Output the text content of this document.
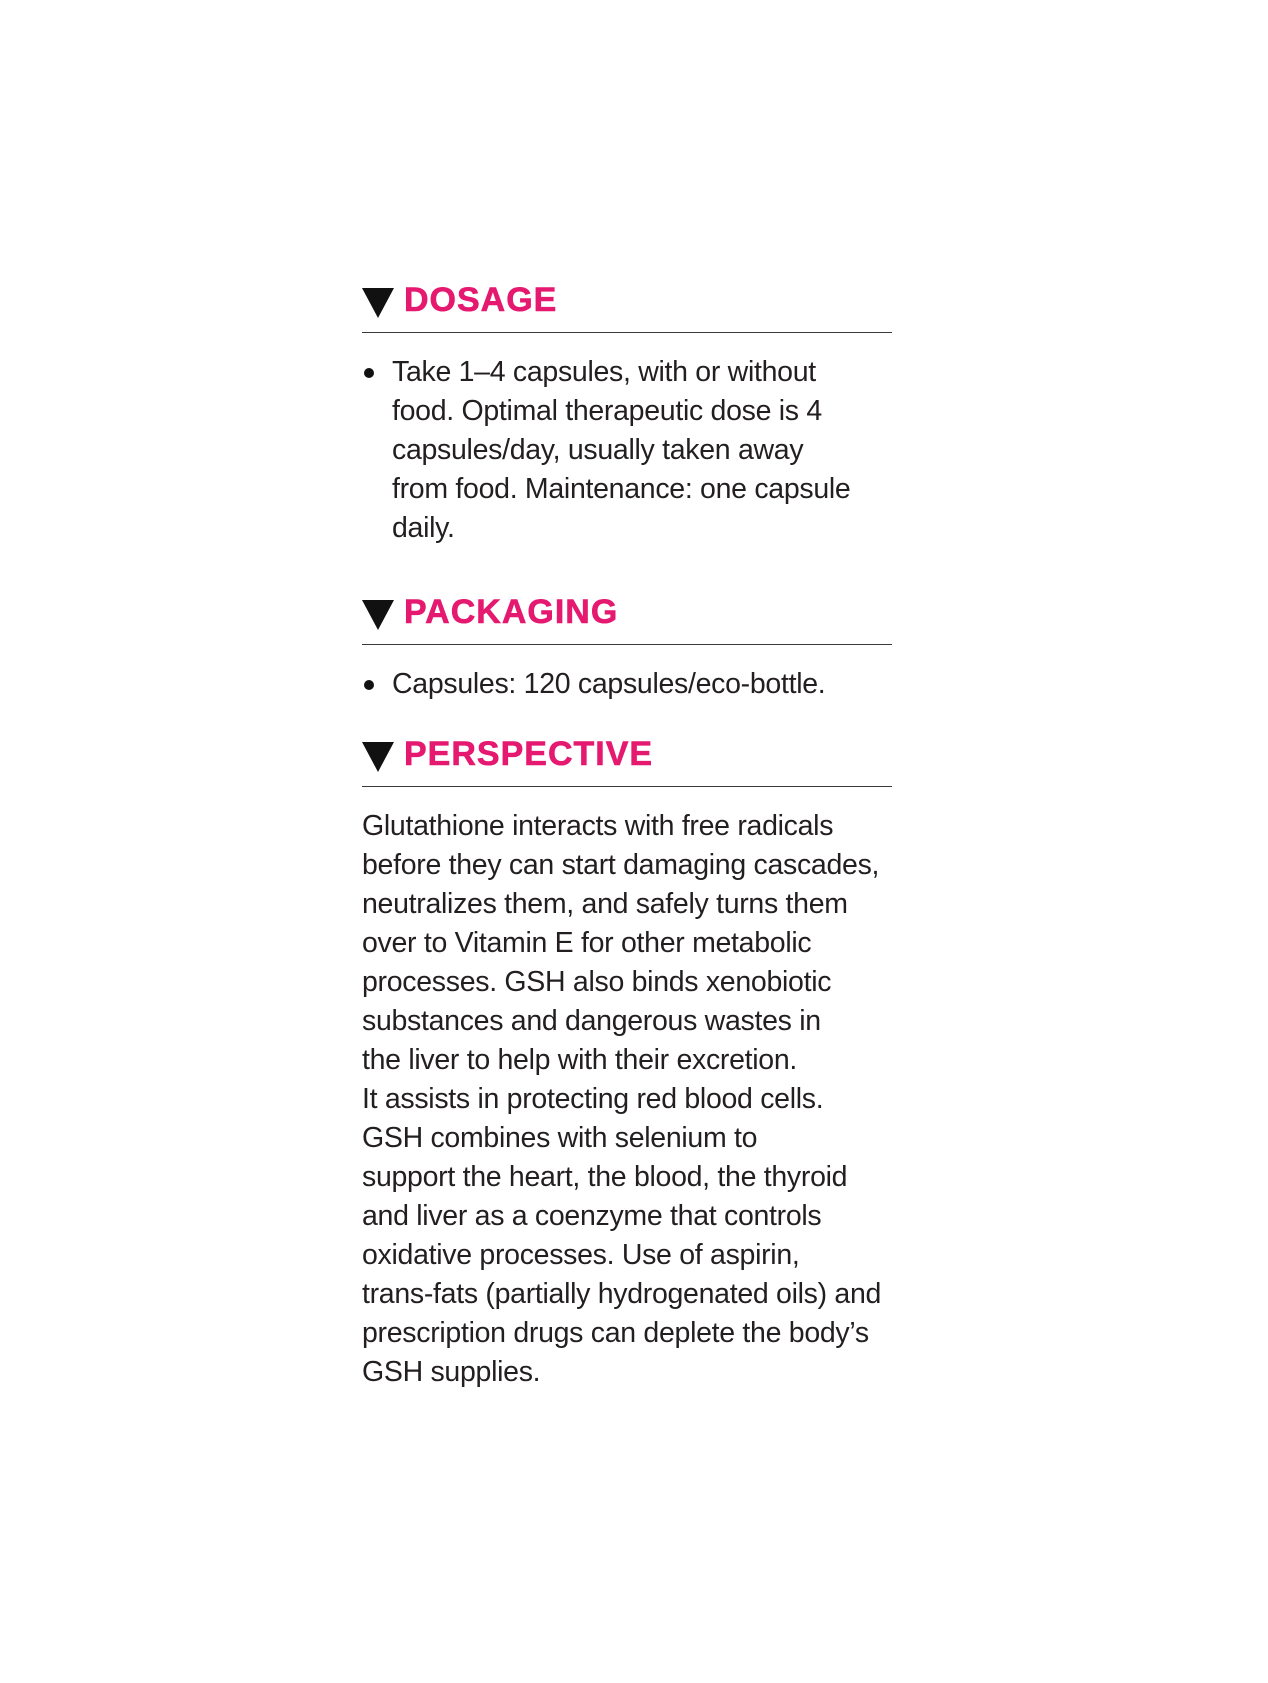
DOSAGE
Take 1–4 capsules, with or without food. Optimal therapeutic dose is 4 capsules/day, usually taken away from food. Maintenance: one capsule daily.
PACKAGING
Capsules: 120 capsules/eco-bottle.
PERSPECTIVE
Glutathione interacts with free radicals
before they can start damaging cascades,
neutralizes them, and safely turns them
over to Vitamin E for other metabolic
processes. GSH also binds xenobiotic
substances and dangerous wastes in
the liver to help with their excretion.
It assists in protecting red blood cells.
GSH combines with selenium to
support the heart, the blood, the thyroid
and liver as a coenzyme that controls
oxidative processes. Use of aspirin,
trans-fats (partially hydrogenated oils) and
prescription drugs can deplete the body’s
GSH supplies.
